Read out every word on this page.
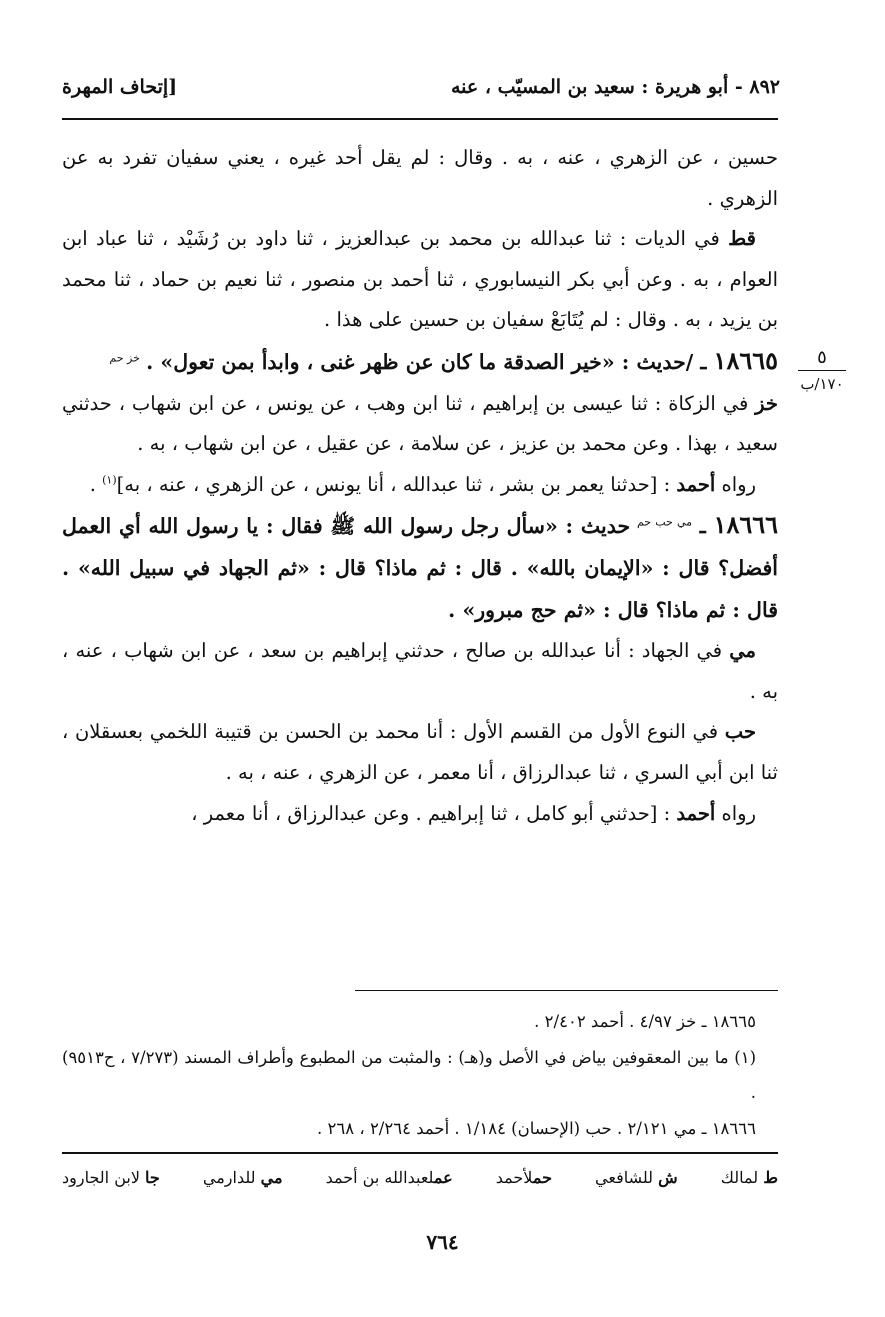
٨٩٢ - أبو هريرة : سعيد بن المسيّب ، عنه
[إتحاف المهرة

حسين ، عن الزهري ، عنه ، به . وقال : لم يقل أحد غيره ، يعني سفيان تفرد به عن الزهري .

قط في الديات : ثنا عبدالله بن محمد بن عبدالعزيز ، ثنا داود بن رُشَيْد ، ثنا عباد ابن العوام ، به . وعن أبي بكر النيسابوري ، ثنا أحمد بن منصور ، ثنا نعيم بن حماد ، ثنا محمد بن يزيد ، به . وقال : لم يُتَابَعْ سفيان بن حسين على هذا .

١٨٦٦٥ ـ /حديث : «خير الصدقة ما كان عن ظهر غنى ، وابدأ بمن تعول» . $^{خز حم}$

خز في الزكاة : ثنا عيسى بن إبراهيم ، ثنا ابن وهب ، عن يونس ، عن ابن شهاب ، حدثني سعيد ، بهذا . وعن محمد بن عزيز ، عن سلامة ، عن عقيل ، عن ابن شهاب ، به .

رواه أحمد : [حدثنا يعمر بن بشر ، ثنا عبدالله ، أنا يونس ، عن الزهري ، عنه ، به]$^{(١)}$ .

١٨٦٦٦ ـ $^{مي حب حم}$ حديث : «سأل رجل رسول الله ﷺ فقال : يا رسول الله أي العمل أفضل؟ قال : «الإيمان بالله» . قال : ثم ماذا؟ قال : «ثم الجهاد في سبيل الله» . قال : ثم ماذا؟ قال : «ثم حج مبرور» .

مي في الجهاد : أنا عبدالله بن صالح ، حدثني إبراهيم بن سعد ، عن ابن شهاب ، عنه ، به .

حب في النوع الأول من القسم الأول : أنا محمد بن الحسن بن قتيبة اللخمي بعسقلان ، ثنا ابن أبي السري ، ثنا عبدالرزاق ، أنا معمر ، عن الزهري ، عنه ، به .

رواه أحمد : [حدثني أبو كامل ، ثنا إبراهيم . وعن عبدالرزاق ، أنا معمر ،

٥
١٧٠/ب

١٨٦٦٥ ـ خز ٤/٩٧ . أحمد ٢/٤٠٢ .

(١) ما بين المعقوفين بياض في الأصل و(هـ) : والمثبت من المطبوع وأطراف المسند (٧/٢٧٣ ، ح٩٥١٣) .

١٨٦٦٦ ـ مي ٢/١٢١ . حب (الإحسان) ١/١٨٤ . أحمد ٢/٢٦٤ ، ٢٦٨ .

ط لمالك
ش للشافعي
حملأحمد
عملعبدالله بن أحمد
مي للدارمي
جا لابن الجارود
٧٦٤
